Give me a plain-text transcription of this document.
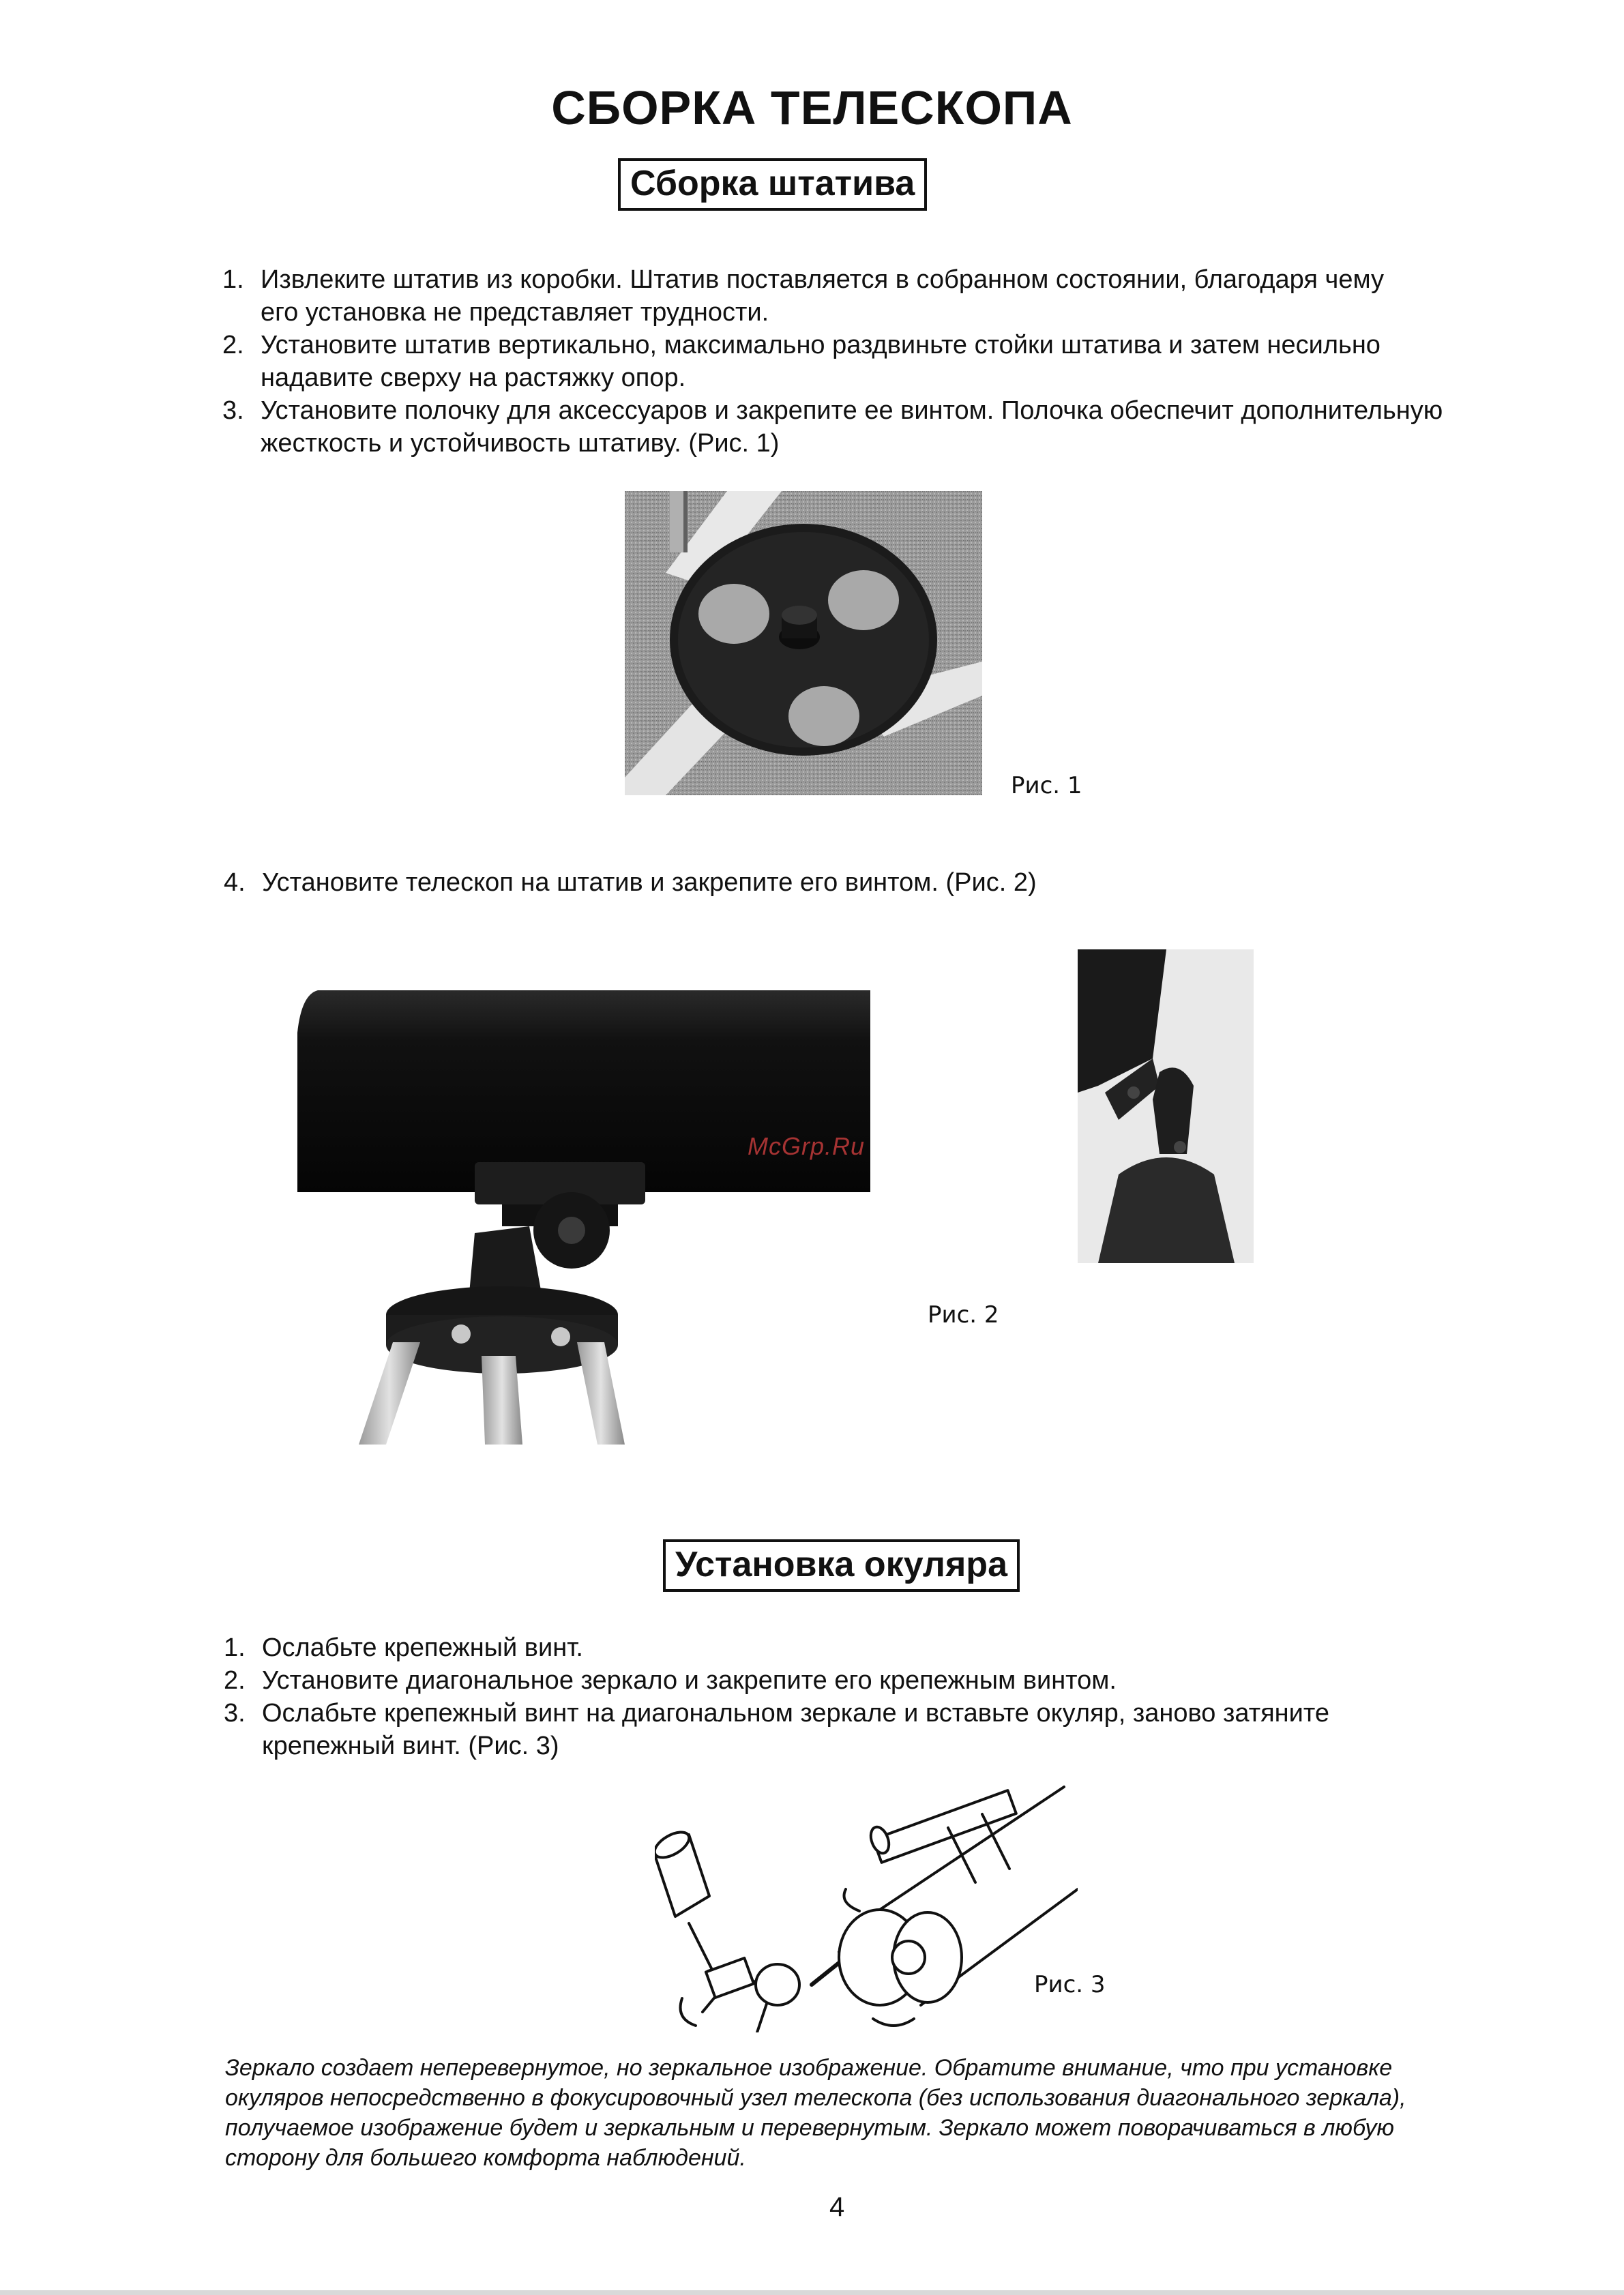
СБОРКА ТЕЛЕСКОПА
Сборка штатива
1. Извлеките штатив из коробки. Штатив поставляется в собранном состоянии, благодаря чему
его установка не представляет трудности.
2. Установите штатив вертикально, максимально раздвиньте стойки штатива и затем несильно
надавите сверху на растяжку опор.
3. Установите полочку для аксессуаров и закрепите ее винтом. Полочка обеспечит дополнительную
жесткость и устойчивость штативу. (Рис. 1)
Рис. 1
4. Установите телескоп на штатив и закрепите его винтом. (Рис. 2)
Рис. 2
McGrp.Ru
Установка окуляра
1. Ослабьте крепежный винт.
2. Установите диагональное зеркало и закрепите его крепежным винтом.
3. Ослабьте крепежный винт на диагональном зеркале и вставьте окуляр, заново затяните
крепежный винт. (Рис. 3)
Рис. 3
Зеркало создает неперевернутое, но зеркальное изображение. Обратите внимание, что при установке
окуляров непосредственно в фокусировочный узел телескопа (без использования диагонального зеркала),
получаемое изображение будет и зеркальным и перевернутым. Зеркало может поворачиваться в любую
сторону для большего комфорта наблюдений.
4
